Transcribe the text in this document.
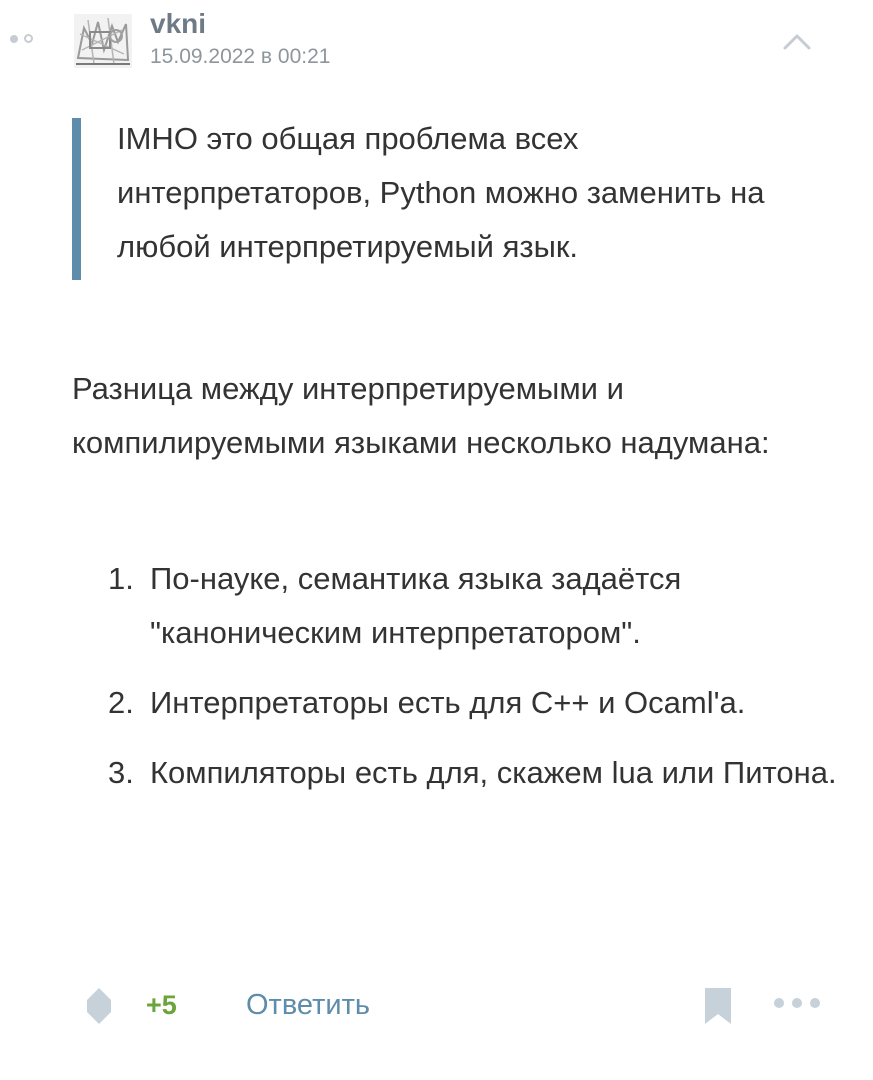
vkni
15.09.2022 в 00:21

IMHO это общая проблема всех интерпретаторов, Python можно заменить на любой интерпретируемый язык.

Разница между интерпретируемыми и компилируемыми языками несколько надумана:

1. По-науке, семантика языка задаётся "каноническим интерпретатором".
2. Интерпретаторы есть для C++ и Ocaml'a.
3. Компиляторы есть для, скажем lua или Питона.
+5 Ответить
